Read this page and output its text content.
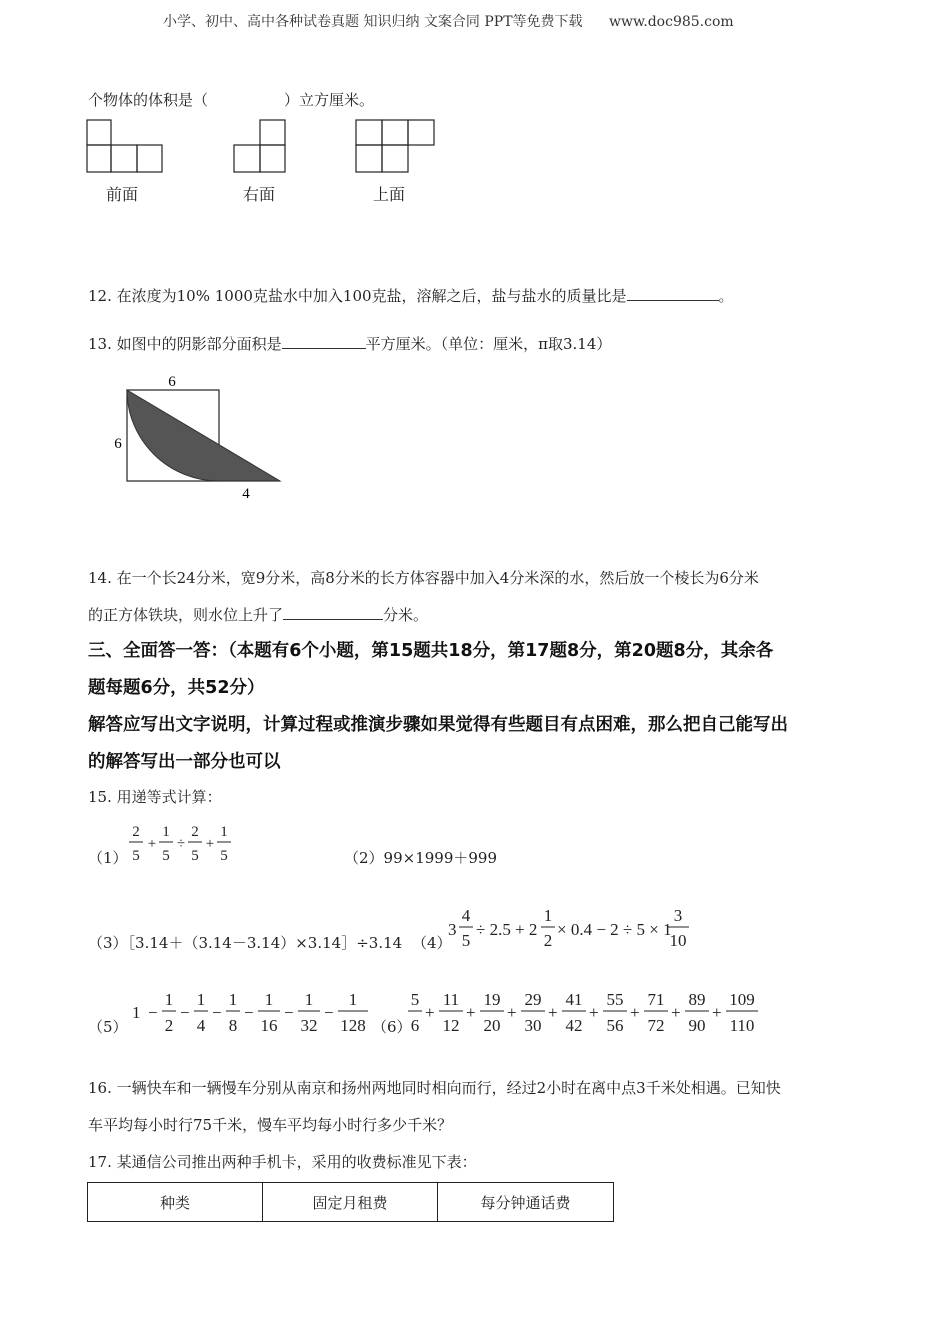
小学、初中、高中各种试卷真题 知识归纳 文案合同 PPT等免费下载 www.doc985.com
个物体的体积是（	）立方厘米。
前面	右面	上面
12. 在浓度为10% 1000克盐水中加入100克盐，溶解之后，盐与盐水的质量比是	。
13. 如图中的阴影部分面积是	平方厘米。（单位：厘米，π取3.14）
6
6
4
14. 在一个长24分米，宽9分米，高8分米的长方体容器中加入4分米深的水，然后放一个棱长为6分米
的正方体铁块，则水位上升了	分米。
三、全面答一答：（本题有6个小题，第15题共18分，第17题8分，第20题8分，其余各
题每题6分，共52分）
解答应写出文字说明，计算过程或推演步骤如果觉得有些题目有点困难，那么把自己能写出
的解答写出一部分也可以
15. 用递等式计算：
（1）
2
5
+
1
5
÷
2
5
+
1
5	（2）99×1999＋999
（3）［3.14＋（3.14－3.14）×3.14］÷3.14 （4）
3
4
5
÷ 2.5 + 2
1
2
× 0.4 − 2 ÷ 5 × 1
3
10
（5）
1 −
1
2
−
1
4
−
1
8
−
1
16
−
1
32
−
1
128 （6）
5
6
+
11
12
+
19
20
+
29
30
+
41
42
+
55
56
+
71
72
+
89
90
+
109
110
16. 一辆快车和一辆慢车分别从南京和扬州两地同时相向而行，经过2小时在离中点3千米处相遇。已知快
车平均每小时行75千米，慢车平均每小时行多少千米？
17. 某通信公司推出两种手机卡，采用的收费标准见下表：
种类	固定月租费	每分钟通话费
